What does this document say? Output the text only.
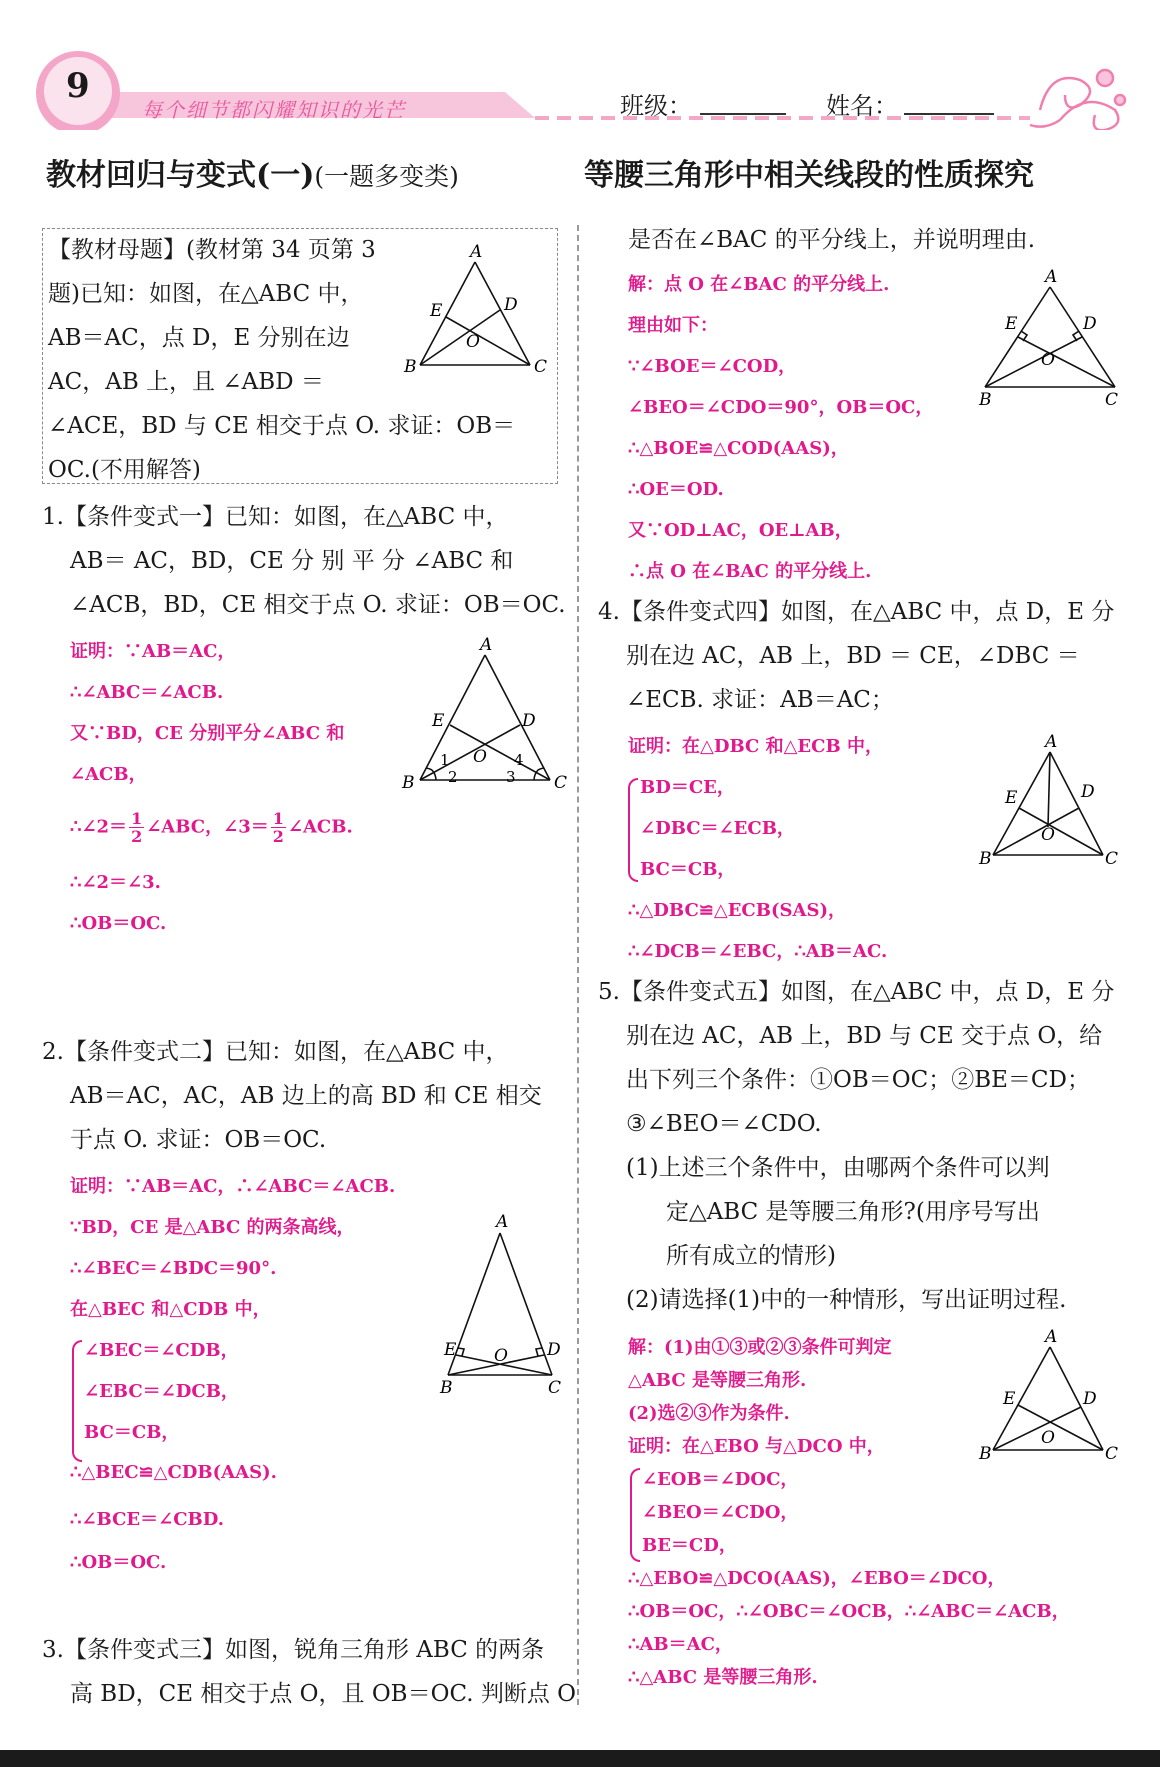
9
每个细节都闪耀知识的光芒	班级：	姓名：
教材回归与变式(一)(一题多变类)	等腰三角形中相关线段的性质探究
【教材母题】(教材第 34 页第 3
题)已知：如图，在△ABC 中，
AB＝AC，点 D，E 分别在边
AC，AB 上，且 ∠ABD ＝
∠ACE，BD 与 CE 相交于点 O. 求证：OB＝
OC.(不用解答)
A
B	C
D
E
O
1.【条件变式一】已知：如图，在△ABC 中，
AB＝ AC，BD，CE 分 别 平 分 ∠ABC 和
∠ACB，BD，CE 相交于点 O. 求证：OB＝OC.
证明：∵AB＝AC，
∴∠ABC＝∠ACB.
又∵BD，CE 分别平分∠ABC 和
∠ACB，
∴∠2＝ $\frac{1}{2}$ ∠ABC，∠3＝ $\frac{1}{2}$ ∠ACB.
∴∠2＝∠3.
∴OB＝OC.
A
B	C
D
E
O
1
2	3
4
2.【条件变式二】已知：如图，在△ABC 中，
AB＝AC，AC，AB 边上的高 BD 和 CE 相交
于点 O. 求证：OB＝OC.
证明：∵AB＝AC，∴∠ABC＝∠ACB.
∵BD，CE 是△ABC 的两条高线，
∴∠BEC＝∠BDC＝90°.
在△BEC 和△CDB 中，
∠BEC＝∠CDB，
∠EBC＝∠DCB，
BC＝CB，
∴△BEC≌△CDB(AAS).
∴∠BCE＝∠CBD.
∴OB＝OC.
A
B	C
D
E O
3.【条件变式三】如图，锐角三角形 ABC 的两条
高 BD，CE 相交于点 O，且 OB＝OC. 判断点 O
是否在∠BAC 的平分线上，并说明理由.
解：点 O 在∠BAC 的平分线上.
理由如下：
∵∠BOE＝∠COD，
∠BEO＝∠CDO＝90°，OB＝OC，
∴△BOE≌△COD(AAS)，
∴OE＝OD.
又∵OD⊥AC，OE⊥AB，
∴点 O 在∠BAC 的平分线上.
A
B	C
D
E
O
4.【条件变式四】如图，在△ABC 中，点 D，E 分
别在边 AC，AB 上，BD ＝ CE，∠DBC ＝
∠ECB. 求证：AB＝AC；
证明：在△DBC 和△ECB 中，
BD＝CE，
∠DBC＝∠ECB，
BC＝CB，
∴△DBC≌△ECB(SAS)，
∴∠DCB＝∠EBC，∴AB＝AC.
A
B	C
D
E
O
5.【条件变式五】如图，在△ABC 中，点 D，E 分
别在边 AC，AB 上，BD 与 CE 交于点 O，给
出下列三个条件：①OB＝OC；②BE＝CD；
③∠BEO＝∠CDO.
(1)上述三个条件中，由哪两个条件可以判
定△ABC 是等腰三角形?(用序号写出
所有成立的情形)
(2)请选择(1)中的一种情形，写出证明过程.
解：(1)由①③或②③条件可判定
△ABC 是等腰三角形.
(2)选②③作为条件.
证明：在△EBO 与△DCO 中，
∠EOB＝∠DOC，
∠BEO＝∠CDO，
BE＝CD，
∴△EBO≌△DCO(AAS)，∠EBO＝∠DCO，
∴OB＝OC，∴∠OBC＝∠OCB，∴∠ABC＝∠ACB，
∴AB＝AC，
∴△ABC 是等腰三角形.
A
B	C
D
E
O
